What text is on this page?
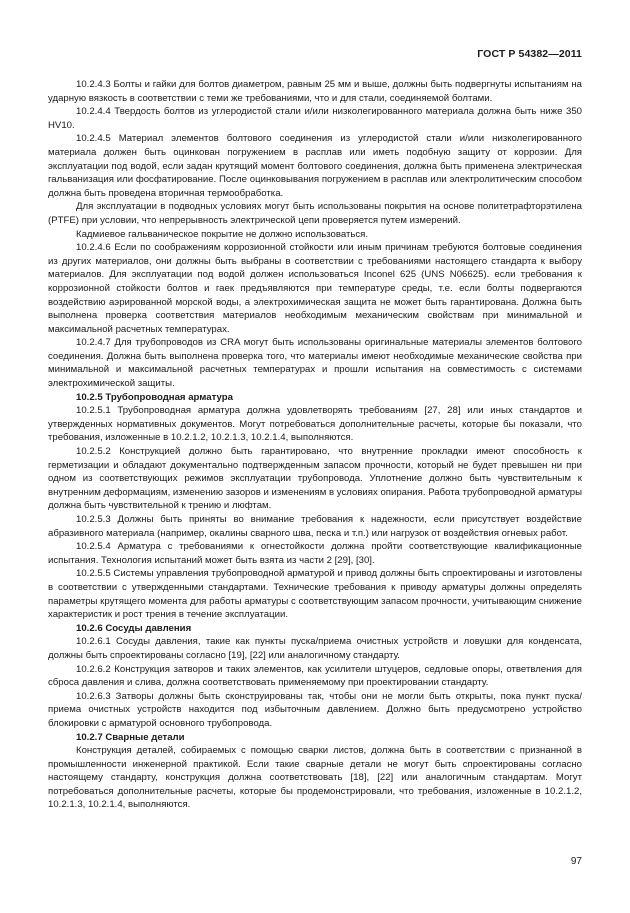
ГОСТ Р 54382—2011

10.2.4.3 Болты и гайки для болтов диаметром, равным 25 мм и выше, должны быть подвергнуты испытаниям на ударную вязкость в соответствии с теми же требованиями, что и для стали, соединяемой болтами.

10.2.4.4 Твердость болтов из углеродистой стали и/или низколегированного материала должна быть ниже 350 HV10.

10.2.4.5 Материал элементов болтового соединения из углеродистой стали и/или низколегированного материала должен быть оцинкован погружением в расплав или иметь подобную защиту от коррозии. Для эксплуатации под водой, если задан крутящий момент болтового соединения, должна быть применена электрическая гальванизация или фосфатирование. После оцинковывания погружением в расплав или электролитическим способом должна быть проведена вторичная термообработка.

Для эксплуатации в подводных условиях могут быть использованы покрытия на основе политетрафторэтилена (PTFE) при условии, что непрерывность электрической цепи проверяется путем измерений.

Кадмиевое гальваническое покрытие не должно использоваться.

10.2.4.6 Если по соображениям коррозионной стойкости или иным причинам требуются болтовые соединения из других материалов, они должны быть выбраны в соответствии с требованиями настоящего стандарта к выбору материалов. Для эксплуатации под водой должен использоваться Inconel 625 (UNS N06625). если требования к коррозионной стойкости болтов и гаек предъявляются при температуре среды, т.е. если болты подвергаются воздействию аэрированной морской воды, а электрохимическая защита не может быть гарантирована. Должна быть выполнена проверка соответствия материалов необходимым механическим свойствам при минимальной и максимальной расчетных температурах.

10.2.4.7 Для трубопроводов из CRA могут быть использованы оригинальные материалы элементов болтового соединения. Должна быть выполнена проверка того, что материалы имеют необходимые механические свойства при минимальной и максимальной расчетных температурах и прошли испытания на совместимость с системами электрохимической защиты.

10.2.5 Трубопроводная арматура

10.2.5.1 Трубопроводная арматура должна удовлетворять требованиям [27, 28] или иных стандартов и утвержденных нормативных документов. Могут потребоваться дополнительные расчеты, которые бы показали, что требования, изложенные в 10.2.1.2, 10.2.1.3, 10.2.1.4, выполняются.

10.2.5.2 Конструкцией должно быть гарантировано, что внутренние прокладки имеют способность к герметизации и обладают документально подтвержденным запасом прочности, который не будет превышен ни при одном из соответствующих режимов эксплуатации трубопровода. Уплотнение должно быть чувствительным к внутренним деформациям, изменению зазоров и изменениям в условиях опирания. Работа трубопроводной арматуры должна быть чувствительной к трению и люфтам.

10.2.5.3 Должны быть приняты во внимание требования к надежности, если присутствует воздействие абразивного материала (например, окалины сварного шва, песка и т.п.) или нагрузок от воздействия огневых работ.

10.2.5.4 Арматура с требованиями к огнестойкости должна пройти соответствующие квалификационные испытания. Технология испытаний может быть взята из части 2 [29], [30].

10.2.5.5 Системы управления трубопроводной арматурой и привод должны быть спроектированы и изготовлены в соответствии с утвержденными стандартами. Технические требования к приводу арматуры должны определять параметры крутящего момента для работы арматуры с соответствующим запасом прочности, учитывающим снижение характеристик и рост трения в течение эксплуатации.

10.2.6 Сосуды давления

10.2.6.1 Сосуды давления, такие как пункты пуска/приема очистных устройств и ловушки для конденсата, должны быть спроектированы согласно [19], [22] или аналогичному стандарту.

10.2.6.2 Конструкция затворов и таких элементов, как усилители штуцеров, седловые опоры, ответвления для сброса давления и слива, должна соответствовать применяемому при проектировании стандарту.

10.2.6.3 Затворы должны быть сконструированы так, чтобы они не могли быть открыты, пока пункт пуска/приема очистных устройств находится под избыточным давлением. Должно быть предусмотрено устройство блокировки с арматурой основного трубопровода.

10.2.7 Сварные детали

Конструкция деталей, собираемых с помощью сварки листов, должна быть в соответствии с признанной в промышленности инженерной практикой. Если такие сварные детали не могут быть спроектированы согласно настоящему стандарту, конструкция должна соответствовать [18], [22] или аналогичным стандартам. Могут потребоваться дополнительные расчеты, которые бы продемонстрировали, что требования, изложенные в 10.2.1.2, 10.2.1.3, 10.2.1.4, выполняются.

97
